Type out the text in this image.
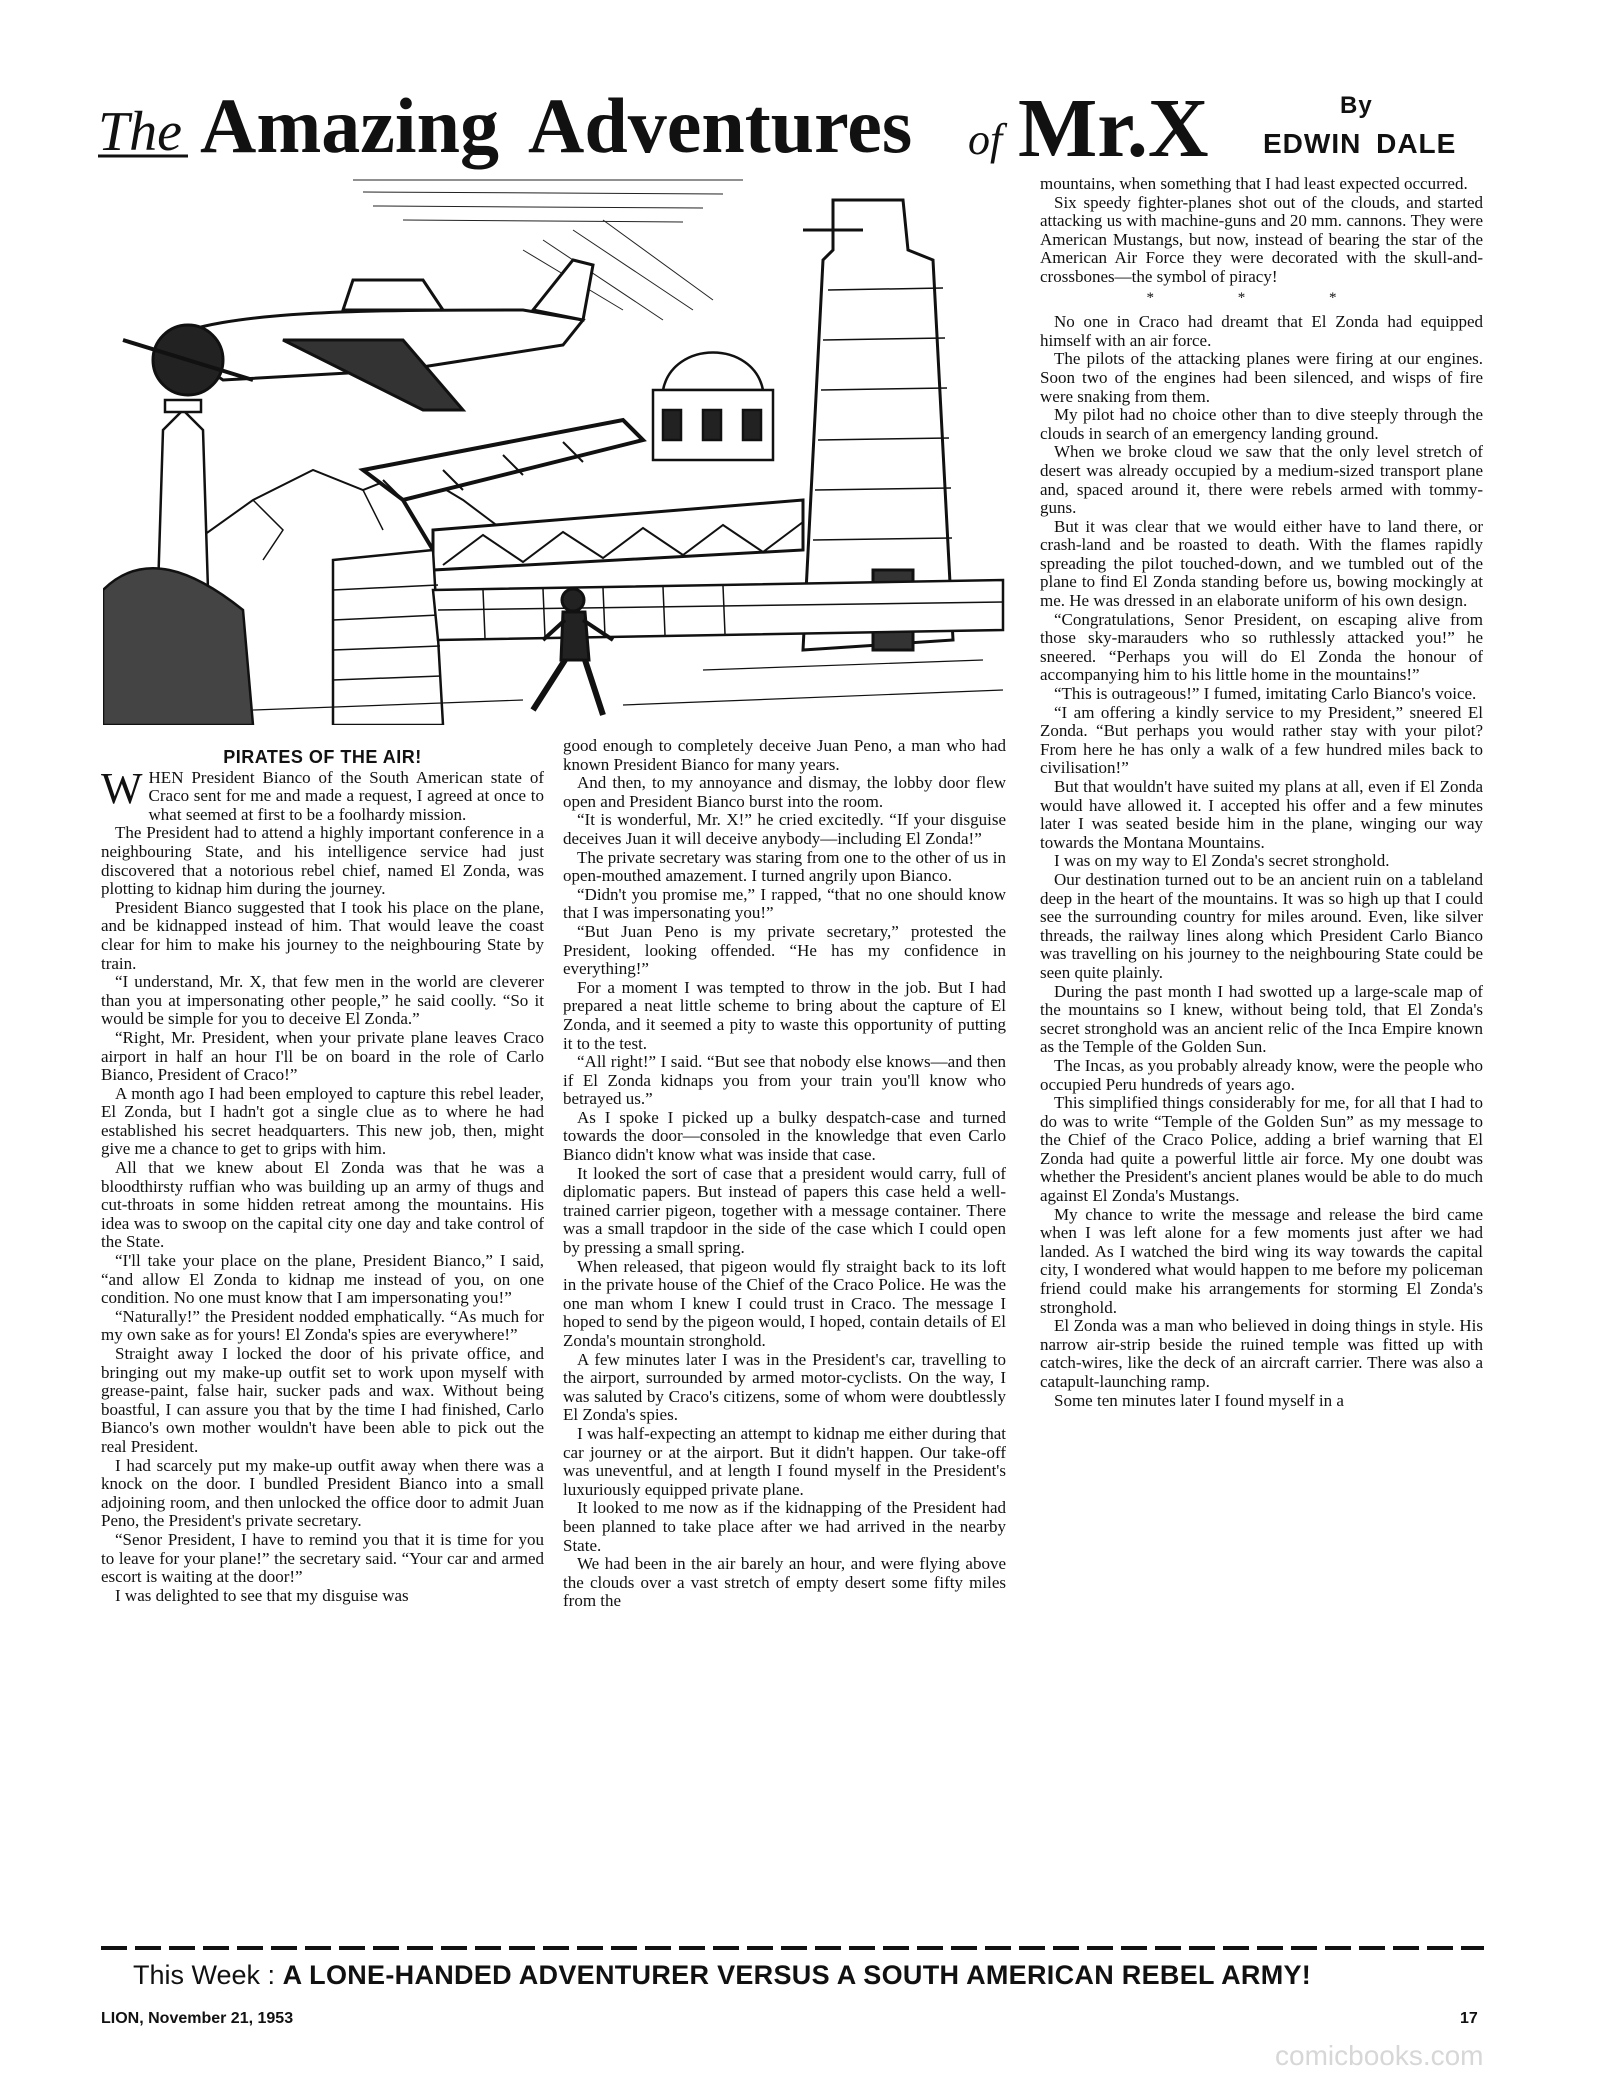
The Amazing Adventures of Mr.X	By
EDWIN DALE

PIRATES OF THE AIR!

WHEN President Bianco of the South American state of Craco sent for me and made a request, I agreed at once to what seemed at first to be a foolhardy mission.

The President had to attend a highly important conference in a neighbouring State, and his intelligence service had just discovered that a notorious rebel chief, named El Zonda, was plotting to kidnap him during the journey.

President Bianco suggested that I took his place on the plane, and be kidnapped instead of him. That would leave the coast clear for him to make his journey to the neighbouring State by train.

“I understand, Mr. X, that few men in the world are cleverer than you at impersonating other people,” he said coolly. “So it would be simple for you to deceive El Zonda.”

“Right, Mr. President, when your private plane leaves Craco airport in half an hour I'll be on board in the role of Carlo Bianco, President of Craco!”

A month ago I had been employed to capture this rebel leader, El Zonda, but I hadn't got a single clue as to where he had established his secret headquarters. This new job, then, might give me a chance to get to grips with him.

All that we knew about El Zonda was that he was a bloodthirsty ruffian who was building up an army of thugs and cut-throats in some hidden retreat among the mountains. His idea was to swoop on the capital city one day and take control of the State.

“I'll take your place on the plane, President Bianco,” I said, “and allow El Zonda to kidnap me instead of you, on one condition. No one must know that I am impersonating you!”

“Naturally!” the President nodded emphatically. “As much for my own sake as for yours! El Zonda's spies are everywhere!”

Straight away I locked the door of his private office, and bringing out my make-up outfit set to work upon myself with grease-paint, false hair, sucker pads and wax. Without being boastful, I can assure you that by the time I had finished, Carlo Bianco's own mother wouldn't have been able to pick out the real President.

I had scarcely put my make-up outfit away when there was a knock on the door. I bundled President Bianco into a small adjoining room, and then unlocked the office door to admit Juan Peno, the President's private secretary.

“Senor President, I have to remind you that it is time for you to leave for your plane!” the secretary said. “Your car and armed escort is waiting at the door!”

I was delighted to see that my disguise was

good enough to completely deceive Juan Peno, a man who had known President Bianco for many years.

And then, to my annoyance and dismay, the lobby door flew open and President Bianco burst into the room.

“It is wonderful, Mr. X!” he cried excitedly. “If your disguise deceives Juan it will deceive anybody—including El Zonda!”

The private secretary was staring from one to the other of us in open-mouthed amazement. I turned angrily upon Bianco.

“Didn't you promise me,” I rapped, “that no one should know that I was impersonating you!”

“But Juan Peno is my private secretary,” protested the President, looking offended. “He has my confidence in everything!”

For a moment I was tempted to throw in the job. But I had prepared a neat little scheme to bring about the capture of El Zonda, and it seemed a pity to waste this opportunity of putting it to the test.

“All right!” I said. “But see that nobody else knows—and then if El Zonda kidnaps you from your train you'll know who betrayed us.”

As I spoke I picked up a bulky despatch-case and turned towards the door—consoled in the knowledge that even Carlo Bianco didn't know what was inside that case.

It looked the sort of case that a president would carry, full of diplomatic papers. But instead of papers this case held a well-trained carrier pigeon, together with a message container. There was a small trapdoor in the side of the case which I could open by pressing a small spring.

When released, that pigeon would fly straight back to its loft in the private house of the Chief of the Craco Police. He was the one man whom I knew I could trust in Craco. The message I hoped to send by the pigeon would, I hoped, contain details of El Zonda's mountain stronghold.

A few minutes later I was in the President's car, travelling to the airport, surrounded by armed motor-cyclists. On the way, I was saluted by Craco's citizens, some of whom were doubtlessly El Zonda's spies.

I was half-expecting an attempt to kidnap me either during that car journey or at the airport. But it didn't happen. Our take-off was uneventful, and at length I found myself in the President's luxuriously equipped private plane.

It looked to me now as if the kidnapping of the President had been planned to take place after we had arrived in the nearby State.

We had been in the air barely an hour, and were flying above the clouds over a vast stretch of empty desert some fifty miles from the

mountains, when something that I had least expected occurred.

Six speedy fighter-planes shot out of the clouds, and started attacking us with machine-guns and 20 mm. cannons. They were American Mustangs, but now, instead of bearing the star of the American Air Force they were decorated with the skull-and-crossbones—the symbol of piracy!

* * *

No one in Craco had dreamt that El Zonda had equipped himself with an air force.

The pilots of the attacking planes were firing at our engines. Soon two of the engines had been silenced, and wisps of fire were snaking from them.

My pilot had no choice other than to dive steeply through the clouds in search of an emergency landing ground.

When we broke cloud we saw that the only level stretch of desert was already occupied by a medium-sized transport plane and, spaced around it, there were rebels armed with tommy-guns.

But it was clear that we would either have to land there, or crash-land and be roasted to death. With the flames rapidly spreading the pilot touched-down, and we tumbled out of the plane to find El Zonda standing before us, bowing mockingly at me. He was dressed in an elaborate uniform of his own design.

“Congratulations, Senor President, on escaping alive from those sky-marauders who so ruthlessly attacked you!” he sneered. “Perhaps you will do El Zonda the honour of accompanying him to his little home in the mountains!”

“This is outrageous!” I fumed, imitating Carlo Bianco's voice.

“I am offering a kindly service to my President,” sneered El Zonda. “But perhaps you would rather stay with your pilot? From here he has only a walk of a few hundred miles back to civilisation!”

But that wouldn't have suited my plans at all, even if El Zonda would have allowed it. I accepted his offer and a few minutes later I was seated beside him in the plane, winging our way towards the Montana Mountains.

I was on my way to El Zonda's secret stronghold.

Our destination turned out to be an ancient ruin on a tableland deep in the heart of the mountains. It was so high up that I could see the surrounding country for miles around. Even, like silver threads, the railway lines along which President Carlo Bianco was travelling on his journey to the neighbouring State could be seen quite plainly.

During the past month I had swotted up a large-scale map of the mountains so I knew, without being told, that El Zonda's secret stronghold was an ancient relic of the Inca Empire known as the Temple of the Golden Sun.

The Incas, as you probably already know, were the people who occupied Peru hundreds of years ago.

This simplified things considerably for me, for all that I had to do was to write “Temple of the Golden Sun” as my message to the Chief of the Craco Police, adding a brief warning that El Zonda had quite a powerful little air force. My one doubt was whether the President's ancient planes would be able to do much against El Zonda's Mustangs.

My chance to write the message and release the bird came when I was left alone for a few moments just after we had landed. As I watched the bird wing its way towards the capital city, I wondered what would happen to me before my policeman friend could make his arrangements for storming El Zonda's stronghold.

El Zonda was a man who believed in doing things in style. His narrow air-strip beside the ruined temple was fitted up with catch-wires, like the deck of an aircraft carrier. There was also a catapult-launching ramp.

Some ten minutes later I found myself in a

This Week : A LONE-HANDED ADVENTURER VERSUS A SOUTH AMERICAN REBEL ARMY!
LION, November 21, 1953	17
comicbooks.com
